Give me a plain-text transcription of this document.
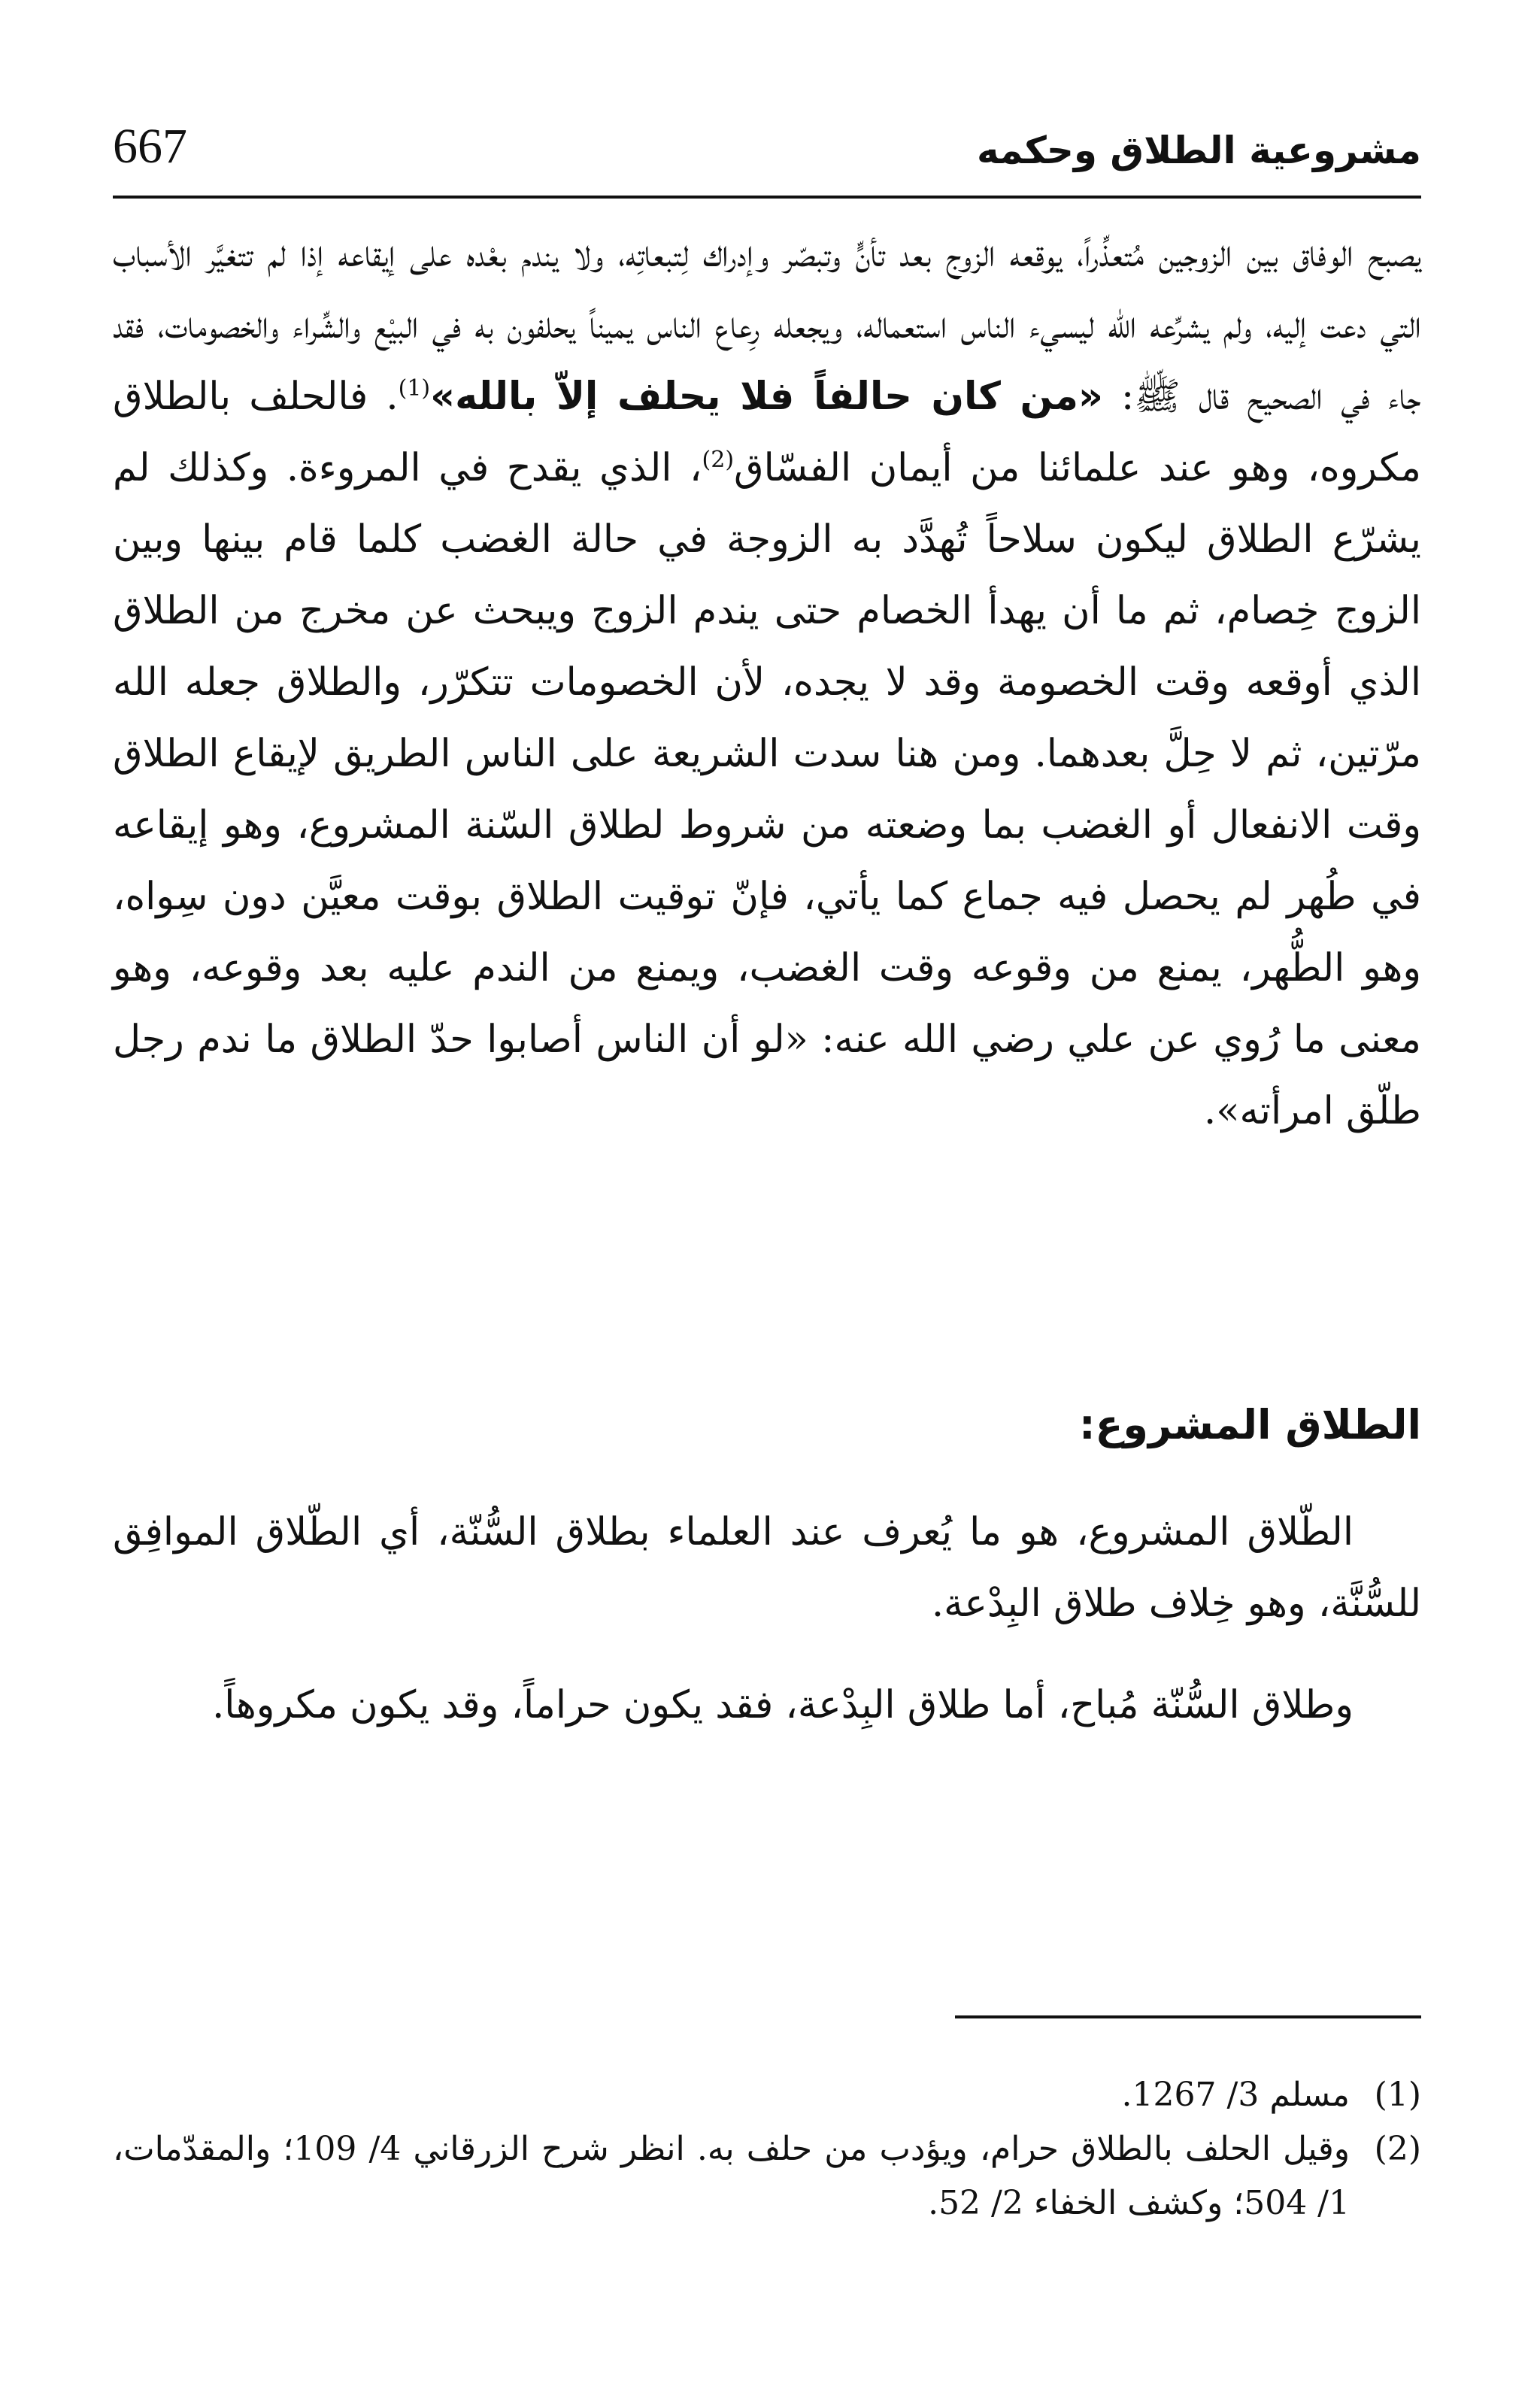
667	مشروعية الطلاق وحكمه

يصبح الوفاق بين الزوجين مُتعذِّراً، يوقعه الزوج بعد تأنٍّ وتبصّر وإدراك لِتبعاتِه، ولا يندم بعْده على إيقاعه إذا لم تتغيَّر الأسباب التي دعت إليه، ولم يشرِّعه الله ليسيء الناس استعماله، ويجعله رِعاع الناس يميناً يحلفون به في البيْع والشِّراء والخصومات، فقد جاء في الصحيح قال ﷺ: «من كان حالفاً فلا يحلف إلاّ بالله»$^{(1)}$. فالحلف بالطلاق مكروه، وهو عند علمائنا من أيمان الفسّاق$^{(2)}$، الذي يقدح في المروءة. وكذلك لم يشرّع الطلاق ليكون سلاحاً تُهدَّد به الزوجة في حالة الغضب كلما قام بينها وبين الزوج خِصام، ثم ما أن يهدأ الخصام حتى يندم الزوج ويبحث عن مخرج من الطلاق الذي أوقعه وقت الخصومة وقد لا يجده، لأن الخصومات تتكرّر، والطلاق جعله الله مرّتين، ثم لا حِلَّ بعدهما. ومن هنا سدت الشريعة على الناس الطريق لإيقاع الطلاق وقت الانفعال أو الغضب بما وضعته من شروط لطلاق السّنة المشروع، وهو إيقاعه في طُهر لم يحصل فيه جماع كما يأتي، فإنّ توقيت الطلاق بوقت معيَّن دون سِواه، وهو الطُّهر، يمنع من وقوعه وقت الغضب، ويمنع من الندم عليه بعد وقوعه، وهو معنى ما رُوي عن علي رضي الله عنه: «لو أن الناس أصابوا حدّ الطلاق ما ندم رجل طلّق امرأته».

الطلاق المشروع:

الطّلاق المشروع، هو ما يُعرف عند العلماء بطلاق السُّنّة، أي الطّلاق الموافِق للسُّنَّة، وهو خِلاف طلاق البِدْعة.

وطلاق السُّنّة مُباح، أما طلاق البِدْعة، فقد يكون حراماً، وقد يكون مكروهاً.

(1)
مسلم 3/ 1267.
(2)
وقيل الحلف بالطلاق حرام، ويؤدب من حلف به. انظر شرح الزرقاني 4/ 109؛ والمقدّمات، 1/ 504؛ وكشف الخفاء 2/ 52.
